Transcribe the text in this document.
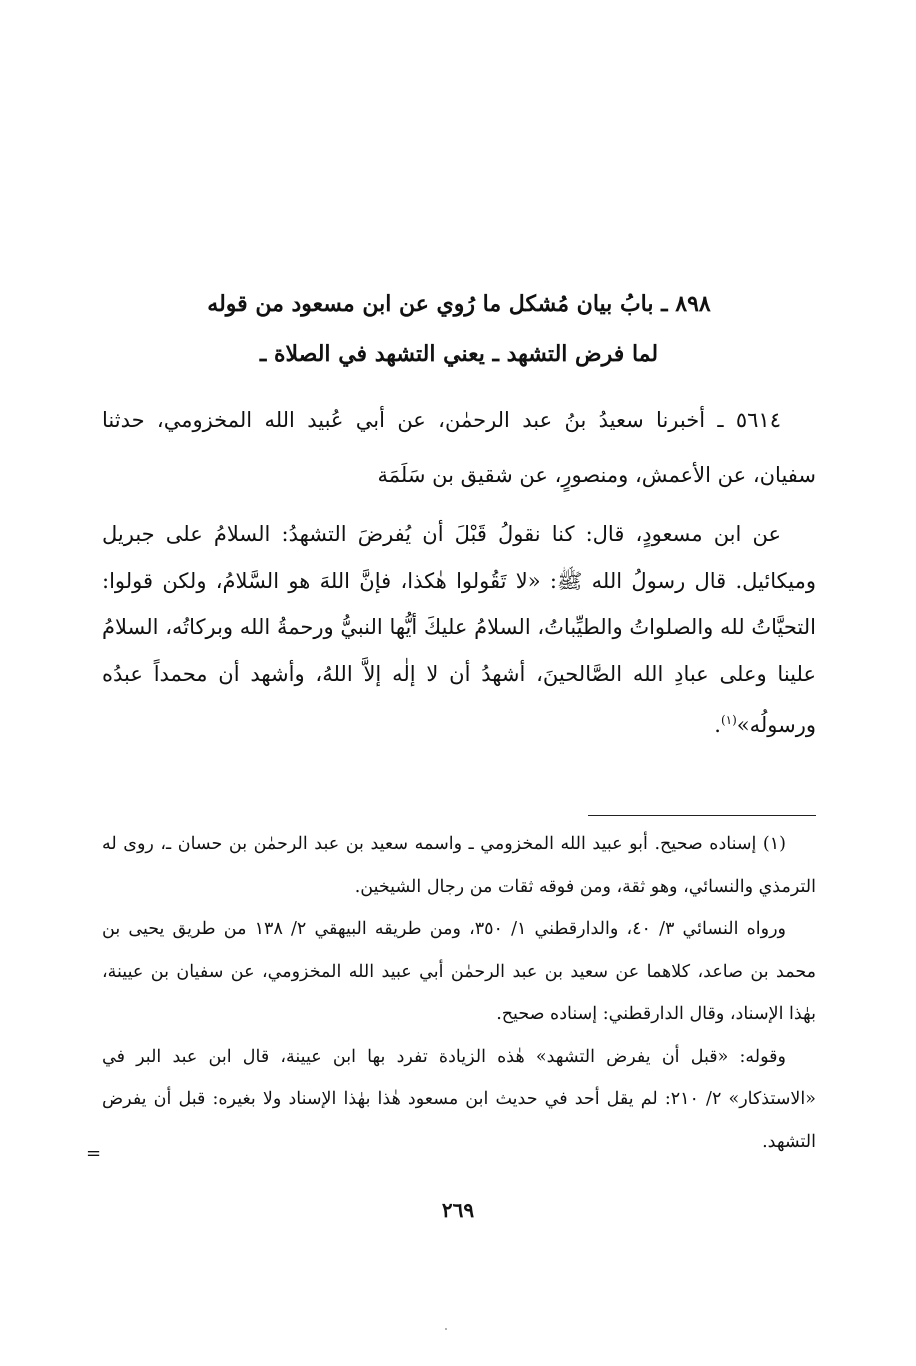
٨٩٨ ـ بابُ بيان مُشكل ما رُوي عن ابن مسعود من قوله
لما فرض التشهد ـ يعني التشهد في الصلاة ـ

٥٦١٤ ـ أخبرنا سعيدُ بنُ عبد الرحمٰن، عن أبي عُبيد الله المخزومي، حدثنا سفيان، عن الأعمش، ومنصورٍ، عن شقيق بن سَلَمَة

عن ابن مسعودٍ، قال: كنا نقولُ قَبْلَ أن يُفرضَ التشهدُ: السلامُ على جبريل وميكائيل. قال رسولُ الله ﷺ: «لا تَقُولوا هٰكذا، فإنَّ اللهَ هو السَّلامُ، ولكن قولوا: التحيَّاتُ لله والصلواتُ والطيِّباتُ، السلامُ عليكَ أيُّها النبيُّ ورحمةُ الله وبركاتُه، السلامُ علينا وعلى عبادِ الله الصَّالحينَ، أشهدُ أن لا إلٰه إلاَّ اللهُ، وأشهد أن محمداً عبدُه ورسولُه»$^{(١)}$.

(١) إسناده صحيح. أبو عبيد الله المخزومي ـ واسمه سعيد بن عبد الرحمٰن بن حسان ـ، روى له الترمذي والنسائي، وهو ثقة، ومن فوقه ثقات من رجال الشيخين.

ورواه النسائي ٣/ ٤٠، والدارقطني ١/ ٣٥٠، ومن طريقه البيهقي ٢/ ١٣٨ من طريق يحيى بن محمد بن صاعد، كلاهما عن سعيد بن عبد الرحمٰن أبي عبيد الله المخزومي، عن سفيان بن عيينة، بهٰذا الإسناد، وقال الدارقطني: إسناده صحيح.

وقوله: «قبل أن يفرض التشهد» هٰذه الزيادة تفرد بها ابن عيينة، قال ابن عبد البر في «الاستذكار» ٢/ ٢١٠: لم يقل أحد في حديث ابن مسعود هٰذا بهٰذا الإسناد ولا بغيره: قبل أن يفرض التشهد.

=
٢٦٩
